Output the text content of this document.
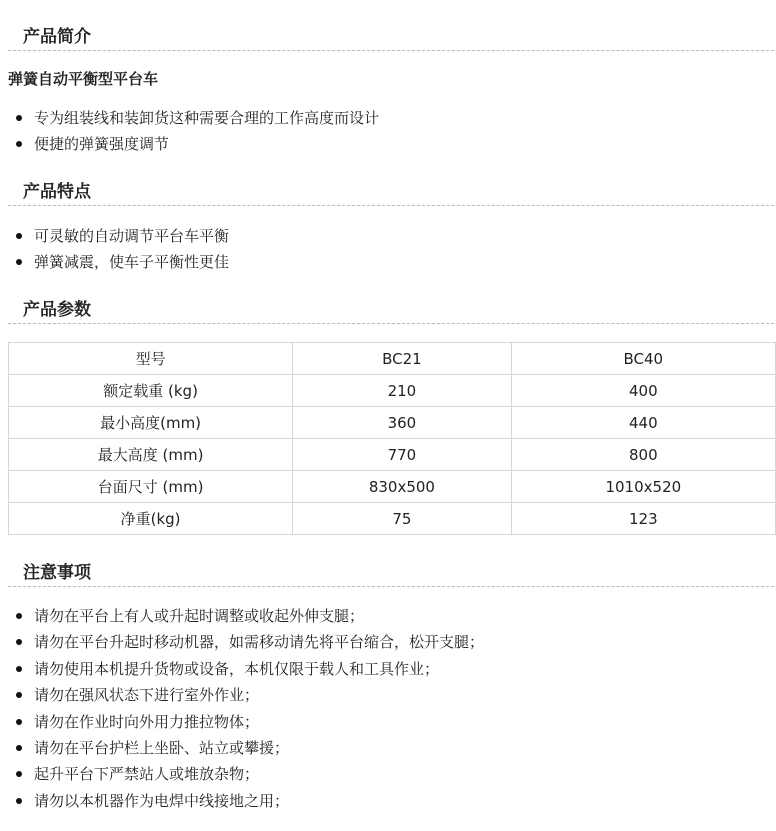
产品简介
弹簧自动平衡型平台车
专为组装线和装卸货这种需要合理的工作高度而设计
便捷的弹簧强度调节
产品特点
可灵敏的自动调节平台车平衡
弹簧减震，使车子平衡性更佳
产品参数
型号	BC21	BC40
额定载重 (kg)	210	400
最小高度(mm)	360	440
最大高度 (mm)	770	800
台面尺寸 (mm)	830x500	1010x520
净重(kg)	75	123
注意事项
请勿在平台上有人或升起时调整或收起外伸支腿；
请勿在平台升起时移动机器，如需移动请先将平台缩合，松开支腿；
请勿使用本机提升货物或设备，本机仅限于载人和工具作业；
请勿在强风状态下进行室外作业；
请勿在作业时向外用力推拉物体；
请勿在平台护栏上坐卧、站立或攀援；
起升平台下严禁站人或堆放杂物；
请勿以本机器作为电焊中线接地之用；
